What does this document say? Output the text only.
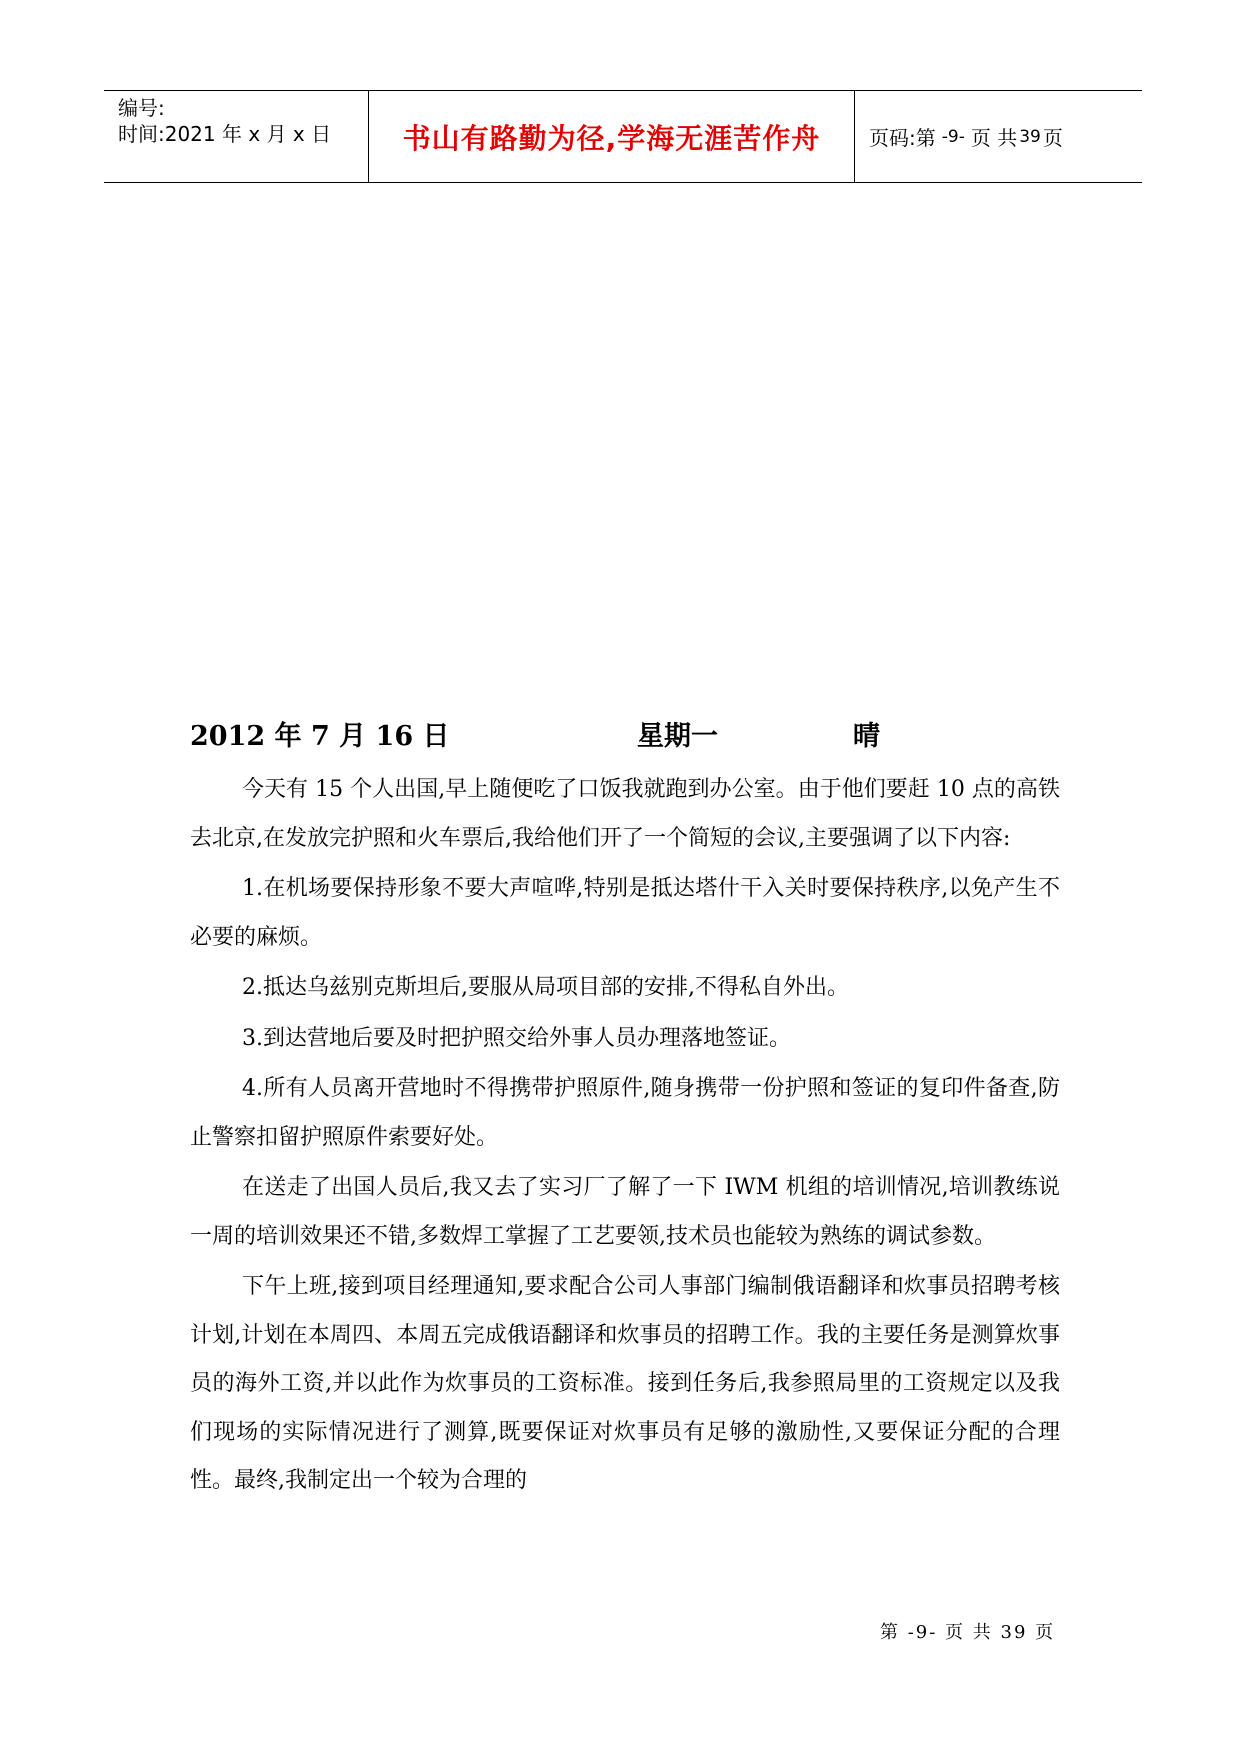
编号:
时间:2021 年 x 月 x 日	书山有路勤为径,学海无涯苦作舟	页码:第 -9- 页 共 39 页
2012 年 7 月 16 日	星期一	晴

今天有 15 个人出国,早上随便吃了口饭我就跑到办公室。由于他们要赶 10 点的高铁去北京,在发放完护照和火车票后,我给他们开了一个简短的会议,主要强调了以下内容:

1.在机场要保持形象不要大声喧哗,特别是抵达塔什干入关时要保持秩序,以免产生不必要的麻烦。

2.抵达乌兹别克斯坦后,要服从局项目部的安排,不得私自外出。

3.到达营地后要及时把护照交给外事人员办理落地签证。

4.所有人员离开营地时不得携带护照原件,随身携带一份护照和签证的复印件备查,防止警察扣留护照原件索要好处。

在送走了出国人员后,我又去了实习厂了解了一下 IWM 机组的培训情况,培训教练说一周的培训效果还不错,多数焊工掌握了工艺要领,技术员也能较为熟练的调试参数。

下午上班,接到项目经理通知,要求配合公司人事部门编制俄语翻译和炊事员招聘考核计划,计划在本周四、本周五完成俄语翻译和炊事员的招聘工作。我的主要任务是测算炊事员的海外工资,并以此作为炊事员的工资标准。接到任务后,我参照局里的工资规定以及我们现场的实际情况进行了测算,既要保证对炊事员有足够的激励性,又要保证分配的合理性。最终,我制定出一个较为合理的

第 -9- 页 共 39 页
